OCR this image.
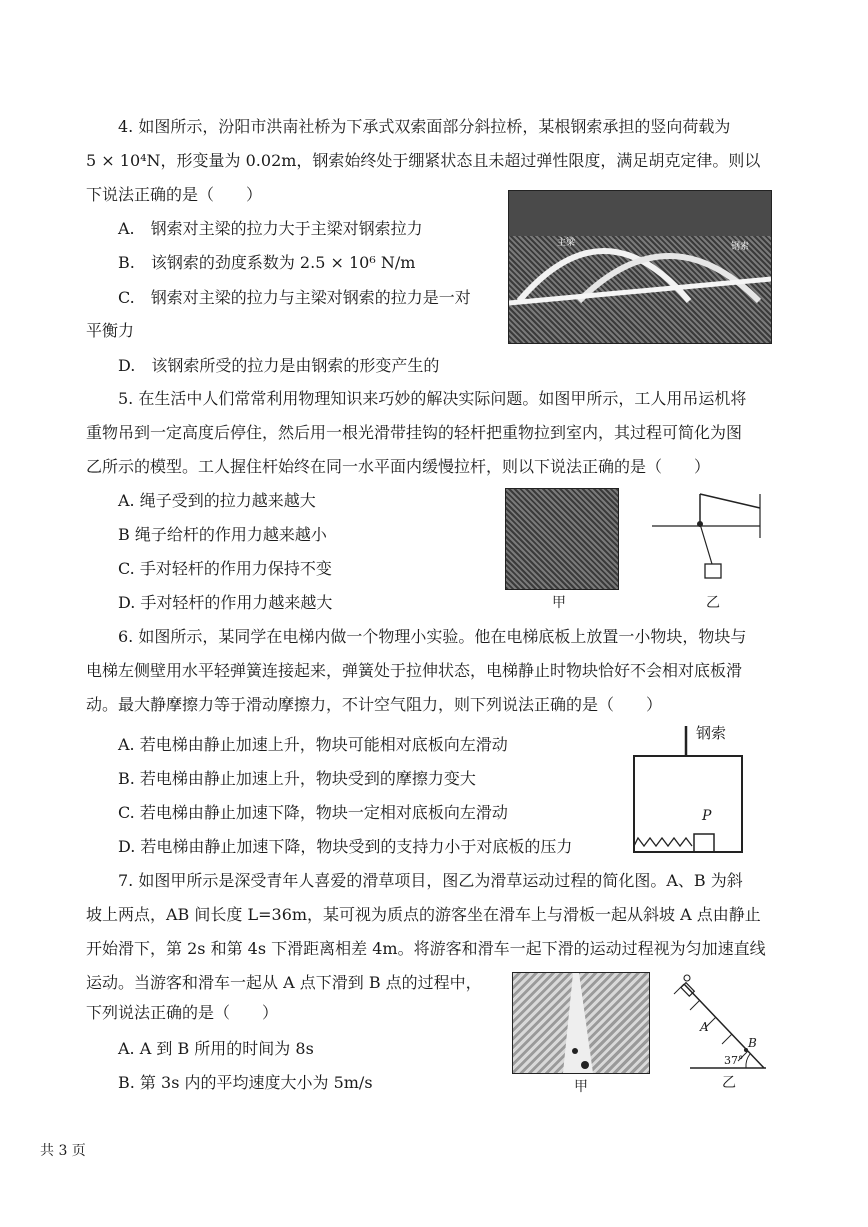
4. 如图所示，汾阳市洪南社桥为下承式双索面部分斜拉桥，某根钢索承担的竖向荷载为
5 × 10⁴N，形变量为 0.02m，钢索始终处于绷紧状态且未超过弹性限度，满足胡克定律。则以
下说法正确的是（　　）
A.　钢索对主梁的拉力大于主梁对钢索拉力
B.　该钢索的劲度系数为 2.5 × 10⁶ N/m
C.　钢索对主梁的拉力与主梁对钢索的拉力是一对
平衡力
D.　该钢索所受的拉力是由钢索的形变产生的
主梁	钢索
5. 在生活中人们常常利用物理知识来巧妙的解决实际问题。如图甲所示，工人用吊运机将
重物吊到一定高度后停住，然后用一根光滑带挂钩的轻杆把重物拉到室内，其过程可简化为图
乙所示的模型。工人握住杆始终在同一水平面内缓慢拉杆，则以下说法正确的是（　　）
A. 绳子受到的拉力越来越大
B 绳子给杆的作用力越来越小
C. 手对轻杆的作用力保持不变
D. 手对轻杆的作用力越来越大	甲	乙
6. 如图所示，某同学在电梯内做一个物理小实验。他在电梯底板上放置一小物块，物块与
电梯左侧壁用水平轻弹簧连接起来，弹簧处于拉伸状态，电梯静止时物块恰好不会相对底板滑
动。最大静摩擦力等于滑动摩擦力，不计空气阻力，则下列说法正确的是（　　）
A. 若电梯由静止加速上升，物块可能相对底板向左滑动
B. 若电梯由静止加速上升，物块受到的摩擦力变大
C. 若电梯由静止加速下降，物块一定相对底板向左滑动
D. 若电梯由静止加速下降，物块受到的支持力小于对底板的压力
钢索
P
7. 如图甲所示是深受青年人喜爱的滑草项目，图乙为滑草运动过程的简化图。A、B 为斜
坡上两点，AB 间长度 L=36m，某可视为质点的游客坐在滑车上与滑板一起从斜坡 A 点由静止
开始滑下，第 2s 和第 4s 下滑距离相差 4m。将游客和滑车一起下滑的运动过程视为匀加速直线
运动。当游客和滑车一起从 A 点下滑到 B 点的过程中，
下列说法正确的是（　　）
A. A 到 B 所用的时间为 8s
B. 第 3s 内的平均速度大小为 5m/s	甲
A
B
37°
乙
共 3 页
